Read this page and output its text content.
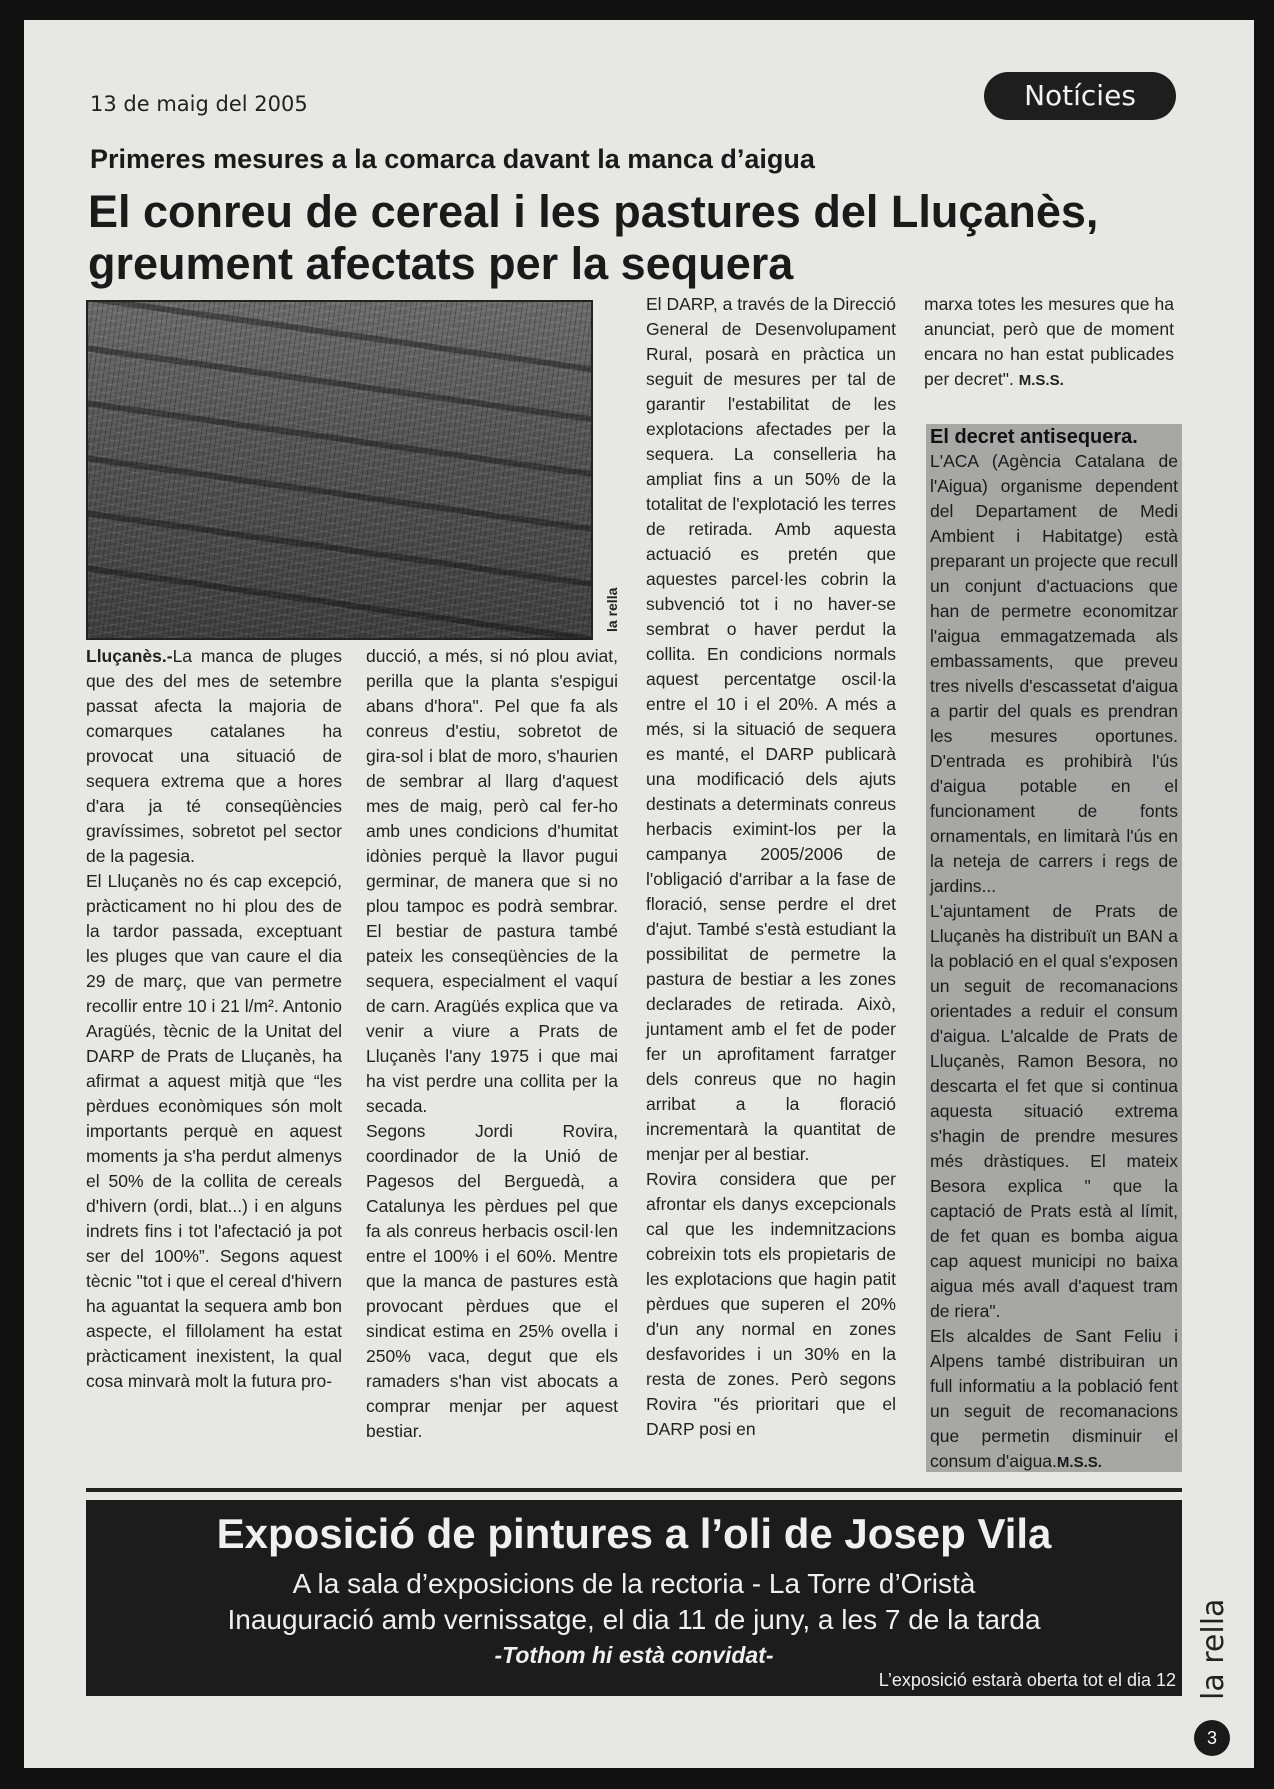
13 de maig del 2005	Notícies
Primeres mesures a la comarca davant la manca d’aigua
El conreu de cereal i les pastures del Lluçanès, greument afectats per la sequera
la rella

Lluçanès.-La manca de pluges que des del mes de setembre passat afecta la majoria de comarques catalanes ha provocat una situació de sequera extrema que a hores d'ara ja té conseqüències gravíssimes, sobretot pel sector de la pagesia.

El Lluçanès no és cap excepció, pràcticament no hi plou des de la tardor passada, exceptuant les pluges que van caure el dia 29 de març, que van permetre recollir entre 10 i 21 l/m². Antonio Aragüés, tècnic de la Unitat del DARP de Prats de Lluçanès, ha afirmat a aquest mitjà que “les pèrdues econòmiques són molt importants perquè en aquest moments ja s'ha perdut almenys el 50% de la collita de cereals d'hivern (ordi, blat...) i en alguns indrets fins i tot l'afectació ja pot ser del 100%”. Segons aquest tècnic "tot i que el cereal d'hivern ha aguantat la sequera amb bon aspecte, el fillolament ha estat pràcticament inexistent, la qual cosa minvarà molt la futura pro-

ducció, a més, si nó plou aviat, perilla que la planta s'espigui abans d'hora". Pel que fa als conreus d'estiu, sobretot de gira-sol i blat de moro, s'haurien de sembrar al llarg d'aquest mes de maig, però cal fer-ho amb unes condicions d'humitat idònies perquè la llavor pugui germinar, de manera que si no plou tampoc es podrà sembrar. El bestiar de pastura també pateix les conseqüències de la sequera, especialment el vaquí de carn. Aragüés explica que va venir a viure a Prats de Lluçanès l'any 1975 i que mai ha vist perdre una collita per la secada.

Segons Jordi Rovira, coordinador de la Unió de Pagesos del Berguedà, a Catalunya les pèrdues pel que fa als conreus herbacis oscil·len entre el 100% i el 60%. Mentre que la manca de pastures està provocant pèrdues que el sindicat estima en 25% ovella i 250% vaca, degut que els ramaders s'han vist abocats a comprar menjar per aquest bestiar.

El DARP, a través de la Direcció General de Desenvolupament Rural, posarà en pràctica un seguit de mesures per tal de garantir l'estabilitat de les explotacions afectades per la sequera. La conselleria ha ampliat fins a un 50% de la totalitat de l'explotació les terres de retirada. Amb aquesta actuació es pretén que aquestes parcel·les cobrin la subvenció tot i no haver-se sembrat o haver perdut la collita. En condicions normals aquest percentatge oscil·la entre el 10 i el 20%. A més a més, si la situació de sequera es manté, el DARP publicarà una modificació dels ajuts destinats a determinats conreus herbacis eximint-los per la campanya 2005/2006 de l'obligació d'arribar a la fase de floració, sense perdre el dret d'ajut. També s'està estudiant la possibilitat de permetre la pastura de bestiar a les zones declarades de retirada. Això, juntament amb el fet de poder fer un aprofitament farratger dels conreus que no hagin arribat a la floració incrementarà la quantitat de menjar per al bestiar.

Rovira considera que per afrontar els danys excepcionals cal que les indemnitzacions cobreixin tots els propietaris de les explotacions que hagin patit pèrdues que superen el 20% d'un any normal en zones desfavorides i un 30% en la resta de zones. Però segons Rovira "és prioritari que el DARP posi en

marxa totes les mesures que ha anunciat, però que de moment encara no han estat publicades per decret". M.S.S.

El decret antisequera.

L'ACA (Agència Catalana de l'Aigua) organisme dependent del Departament de Medi Ambient i Habitatge) està preparant un projecte que recull un conjunt d'actuacions que han de permetre economitzar l'aigua emmagatzemada als embassaments, que preveu tres nivells d'escassetat d'aigua a partir del quals es prendran les mesures oportunes. D'entrada es prohibirà l'ús d'aigua potable en el funcionament de fonts ornamentals, en limitarà l'ús en la neteja de carrers i regs de jardins...

L'ajuntament de Prats de Lluçanès ha distribuït un BAN a la població en el qual s'exposen un seguit de recomanacions orientades a reduir el consum d'aigua. L'alcalde de Prats de Lluçanès, Ramon Besora, no descarta el fet que si continua aquesta situació extrema s'hagin de prendre mesures més dràstiques. El mateix Besora explica " que la captació de Prats està al límit, de fet quan es bomba aigua cap aquest municipi no baixa aigua més avall d'aquest tram de riera".

Els alcaldes de Sant Feliu i Alpens també distribuiran un full informatiu a la població fent un seguit de recomanacions que permetin disminuir el consum d'aigua.M.S.S.

Exposició de pintures a l’oli de Josep Vila
A la sala d’exposicions de la rectoria - La Torre d’Oristà
Inauguració amb vernissatge, el dia 11 de juny, a les 7 de la tarda
-Tothom hi està convidat-
L’exposició estarà oberta tot el dia 12 la rella
3
